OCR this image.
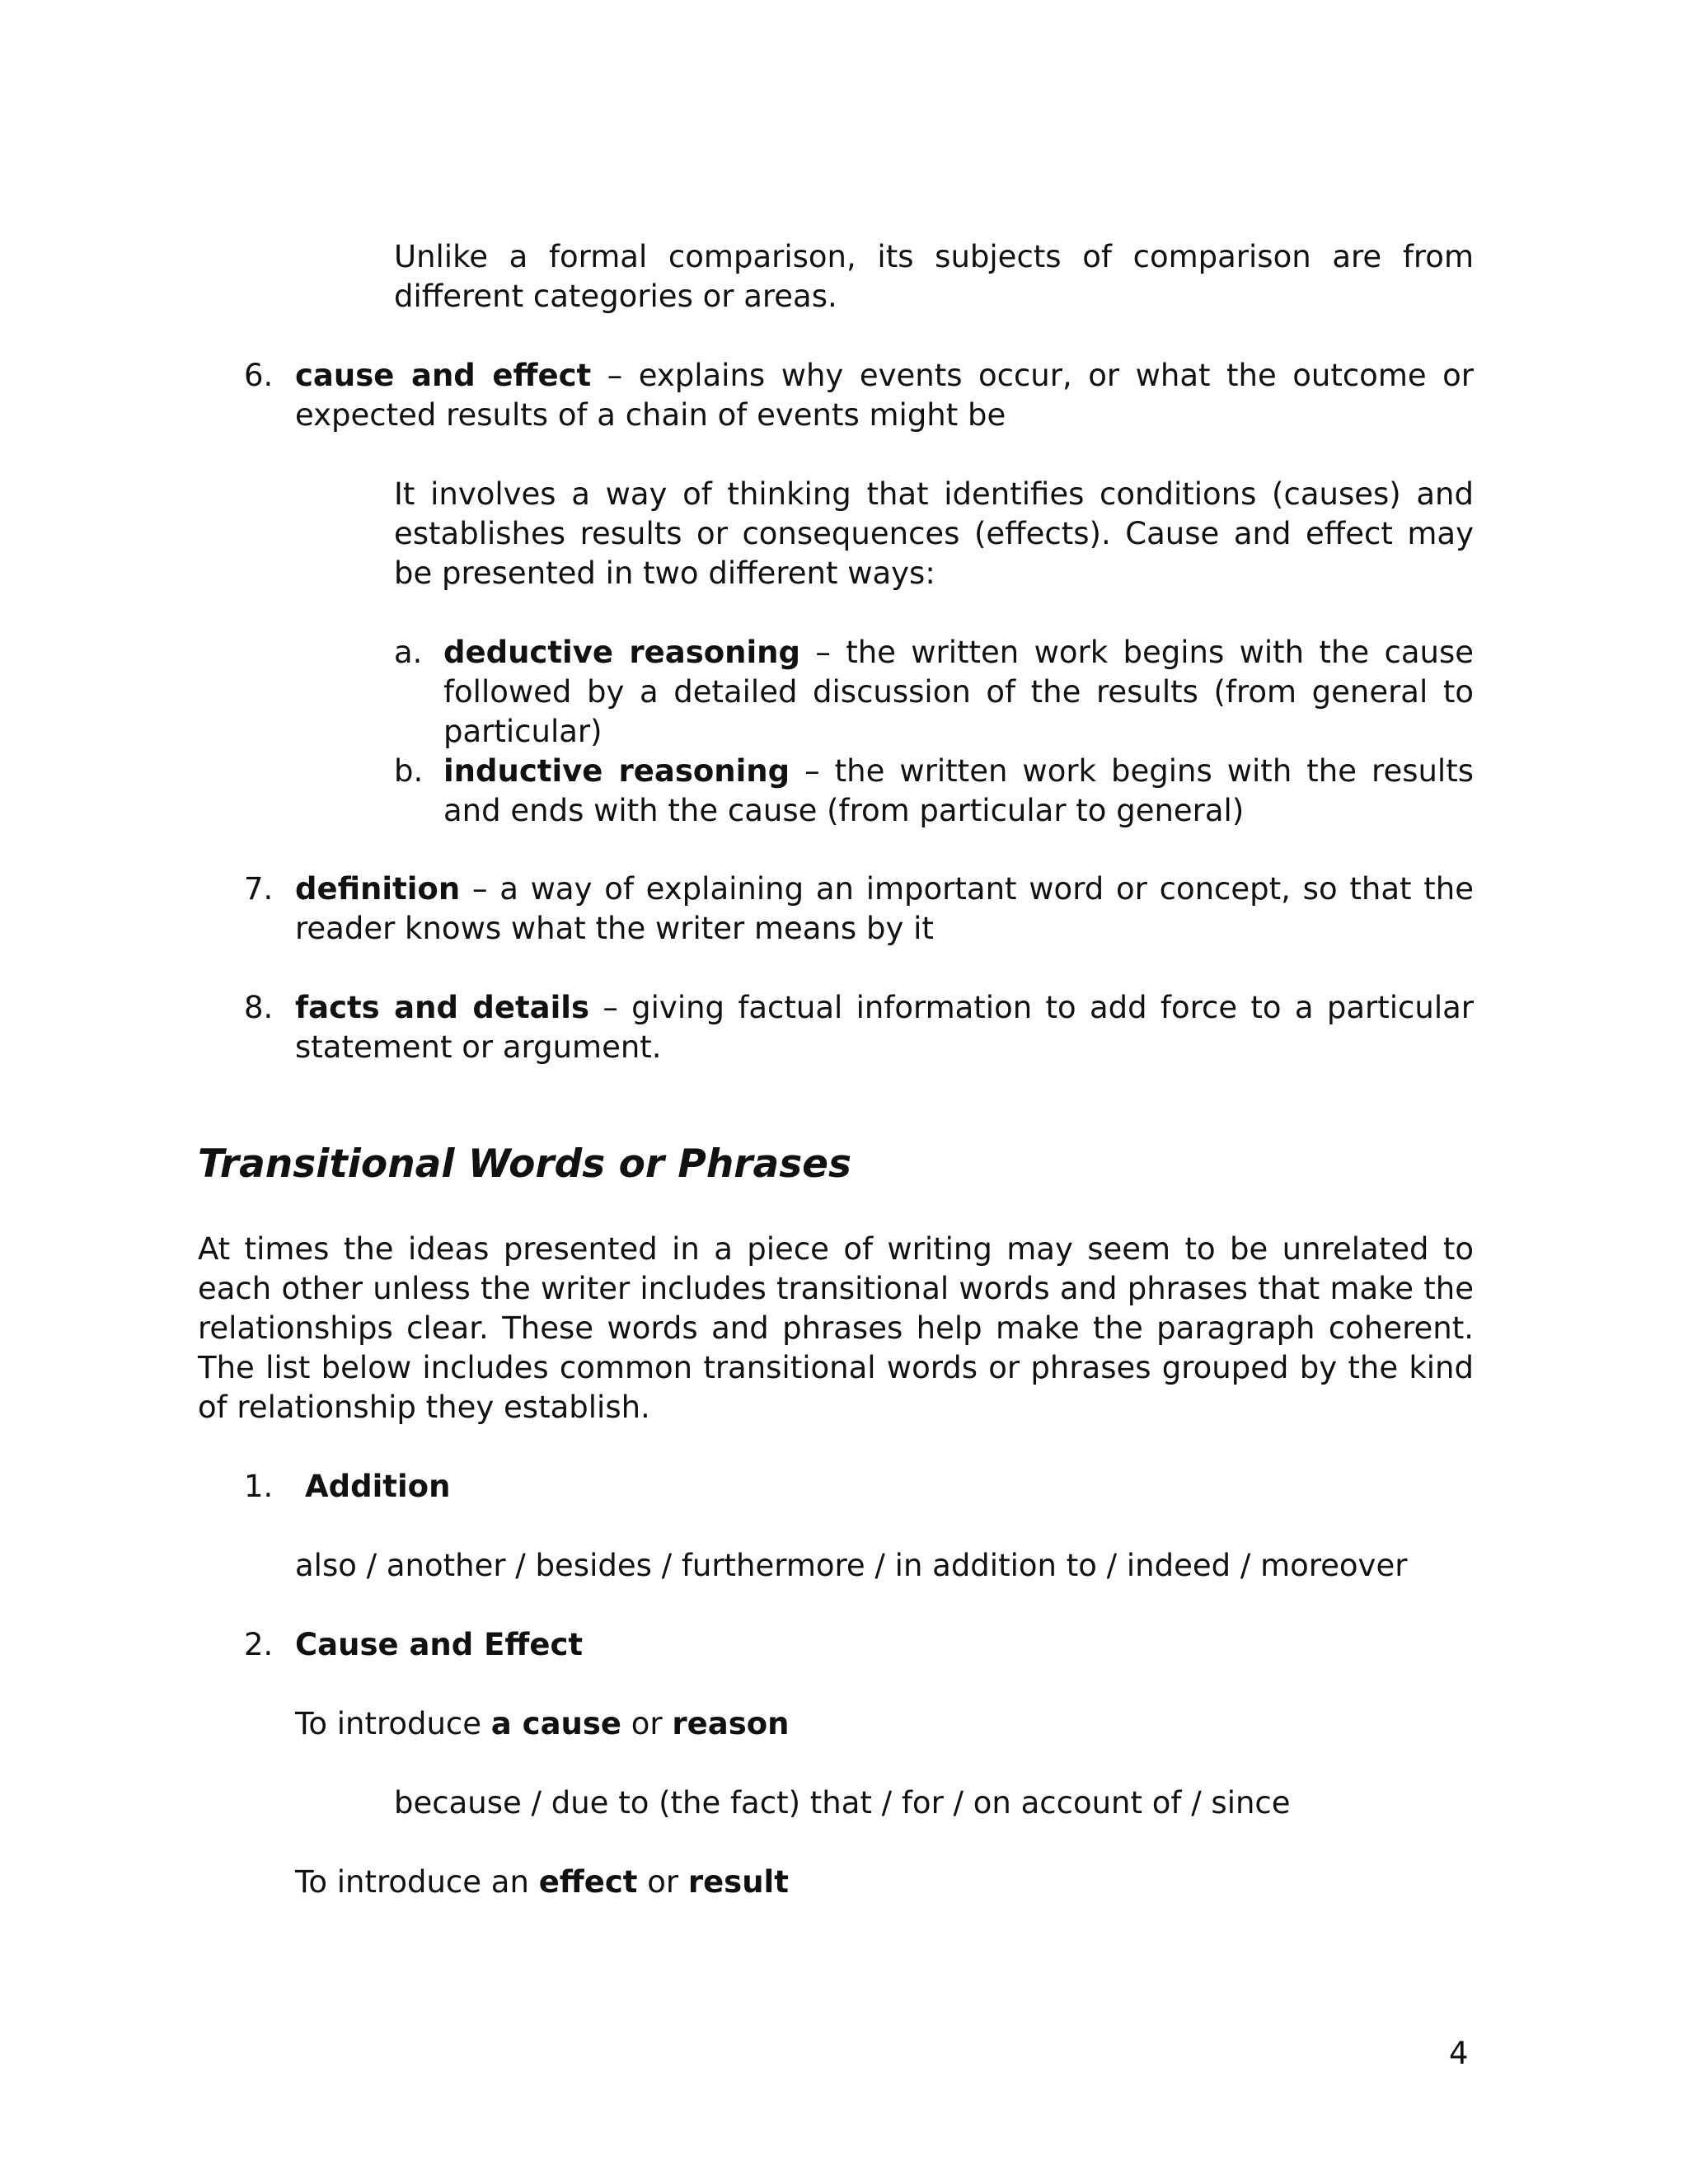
Unlike a formal comparison, its subjects of comparison are from different categories or areas.

6. cause and effect – explains why events occur, or what the outcome or expected results of a chain of events might be

It involves a way of thinking that identifies conditions (causes) and establishes results or consequences (effects). Cause and effect may be presented in two different ways:

a. deductive reasoning – the written work begins with the cause followed by a detailed discussion of the results (from general to particular)

b. inductive reasoning – the written work begins with the results and ends with the cause (from particular to general)

7. definition – a way of explaining an important word or concept, so that the reader knows what the writer means by it

8. facts and details – giving factual information to add force to a particular statement or argument.

Transitional Words or Phrases

At times the ideas presented in a piece of writing may seem to be unrelated to each other unless the writer includes transitional words and phrases that make the relationships clear. These words and phrases help make the paragraph coherent. The list below includes common transitional words or phrases grouped by the kind of relationship they establish.

1. Addition

also / another / besides / furthermore / in addition to / indeed / moreover

2. Cause and Effect

To introduce a cause or reason

because / due to (the fact) that / for / on account of / since

To introduce an effect or result

4
